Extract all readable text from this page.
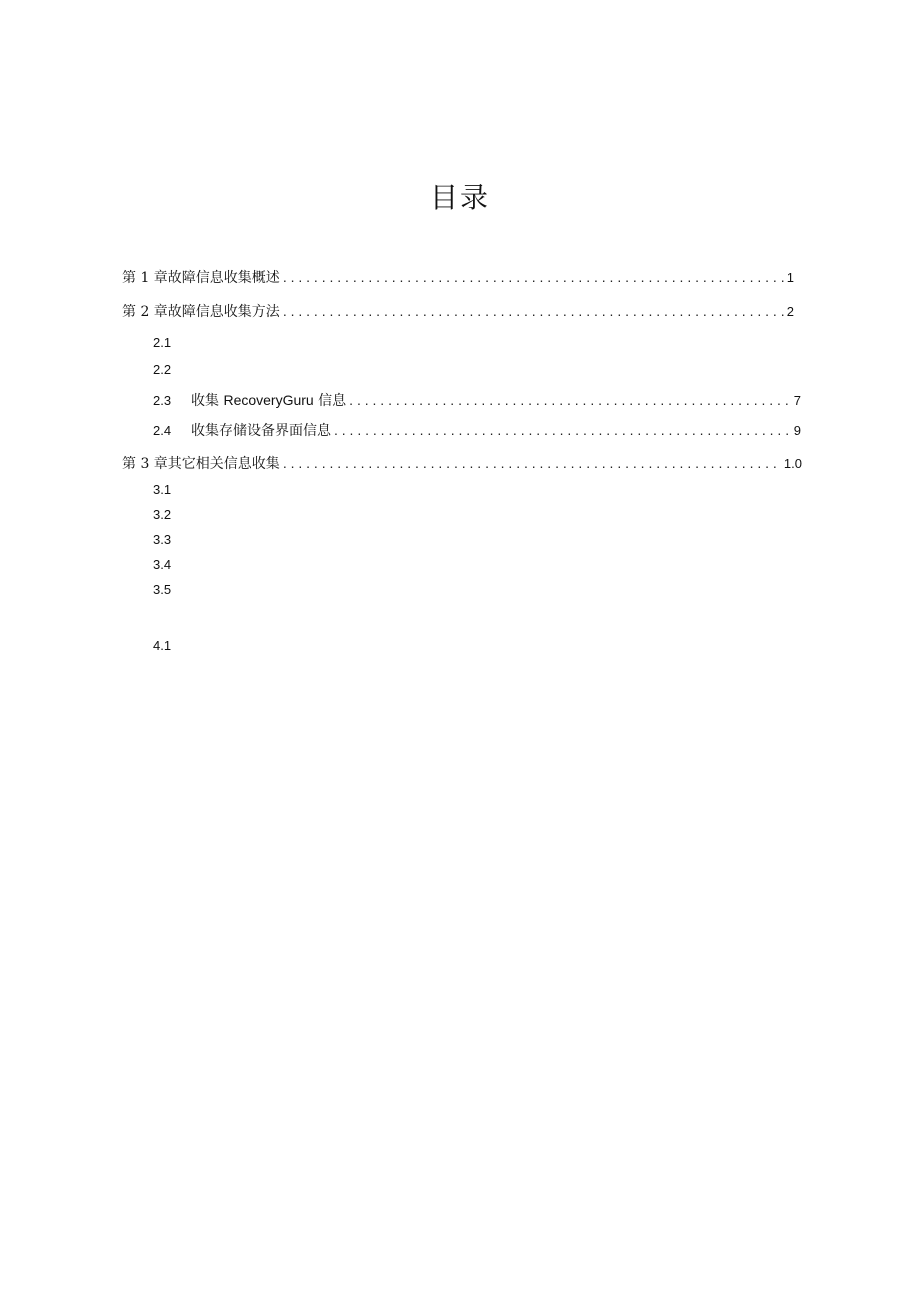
目录
第 1 章故障信息收集概述 . . .	1
第 2 章故障信息收集方法 . . .	2
2.1
2.2
2.3	收集 RecoveryGuru 信息 . . .	7
2.4	收集存储设备界面信息 . . .	9
第 3 章其它相关信息收集 . . .	1.0
3.1
3.2
3.3
3.4
3.5
4.1
